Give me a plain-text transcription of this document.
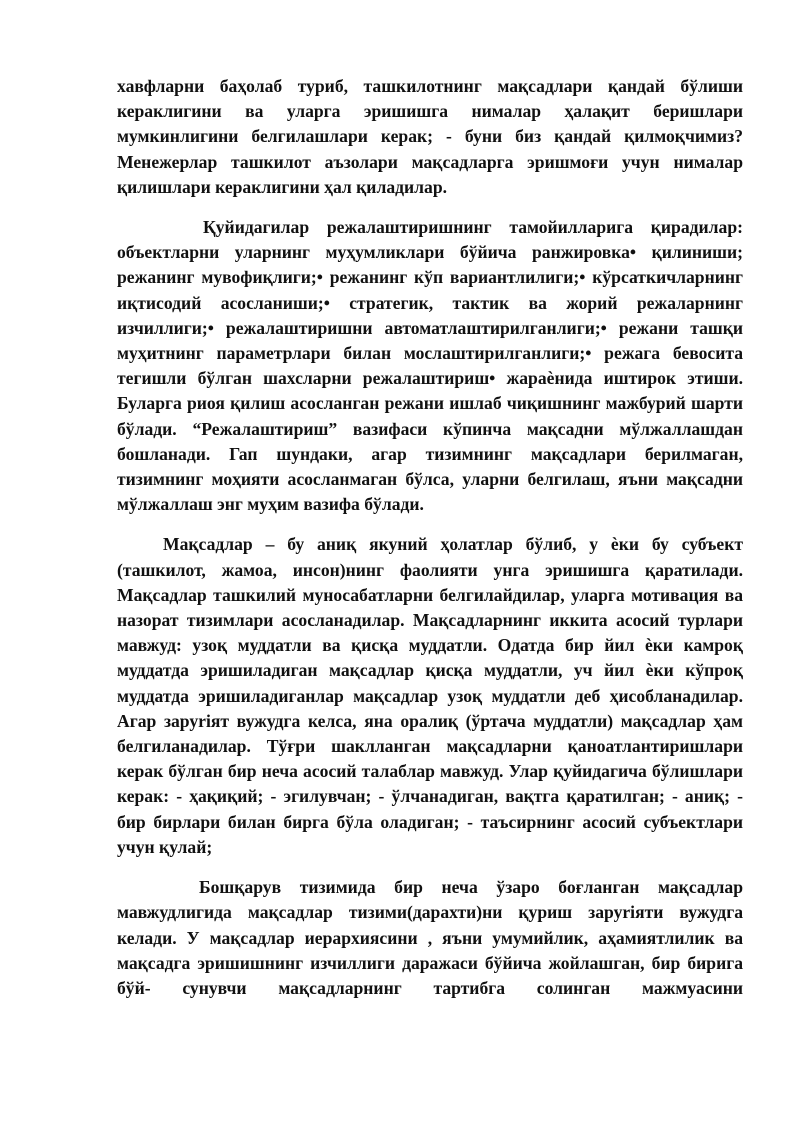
хавфларни баҳолаб туриб, ташкилотнинг мақсадлари қандай бўлиши кераклигини ва уларга эришишга нималар ҳалақит беришлари мумкинлигини белгилашлари керак; - буни биз қандай қилмоқчимиз? Менежерлар ташкилот аъзолари мақсадларга эришмоғи учун нималар қилишлари кераклигини ҳал қиладилар.

Қуйидагилар режалаштиришнинг тамойилларига қирадилар: объектларни уларнинг муҳумликлари бўйича ранжировка• қилиниши; режанинг мувофиқлиги;• режанинг кўп вариантлилиги;• кўрсаткичларнинг иқтисодий асосланиши;• стратегик, тактик ва жорий режаларнинг изчиллиги;• режалаштиришни автоматлаштирилганлиги;• режани ташқи муҳитнинг параметрлари билан мослаштирилганлиги;• режага бевосита тегишли бўлган шахсларни режалаштириш• жараѐнида иштирок этиши. Буларга риоя қилиш асосланган режани ишлаб чиқишнинг мажбурий шарти бўлади. “Режалаштириш” вазифаси кўпинча мақсадни мўлжаллашдан бошланади. Гап шундаки, агар тизимнинг мақсадлари берилмаган, тизимнинг моҳияти асосланмаган бўлса, уларни белгилаш, яъни мақсадни мўлжаллаш энг муҳим вазифа бўлади.

Мақсадлар – бу аниқ якуний ҳолатлар бўлиб, у ѐки бу субъект (ташкилот, жамоа, инсон)нинг фаолияти унга эришишга қаратилади. Мақсадлар ташкилий муносабатларни белгилайдилар, уларга мотивация ва назорат тизимлари асосланадилар. Мақсадларнинг иккита асосий турлари мавжуд: узоқ муддатли ва қисқа муддатли. Одатда бир йил ѐки камроқ муддатда эришиладиган мақсадлар қисқа муддатли, уч йил ѐки кўпроқ муддатда эришиладиганлар мақсадлар узоқ муддатли деб ҳисобланадилар. Агар заруriят вужудга келса, яна оралиқ (ўртача муддатли) мақсадлар ҳам белгиланадилар. Тўғри шаклланган мақсадларни қаноатлантиришлари керак бўлган бир неча асосий талаблар мавжуд. Улар қуйидагича бўлишлари керак: - ҳақиқий; - эгилувчан; - ўлчанадиган, вақтга қаратилган; - аниқ; - бир бирлари билан бирга бўла оладиган; - таъсирнинг асосий субъектлари учун қулай;

Бошқарув тизимида бир неча ўзаро боғланган мақсадлар мавжудлигида мақсадлар тизими(дарахти)ни қуриш заруriяти вужудга келади. У мақсадлар иерархиясини , яъни умумийлик, аҳамиятлилик ва мақсадга эришишнинг изчиллиги даражаси бўйича жойлашган, бир бирига бўй- сунувчи мақсадларнинг тартибга солинган мажмуасини
